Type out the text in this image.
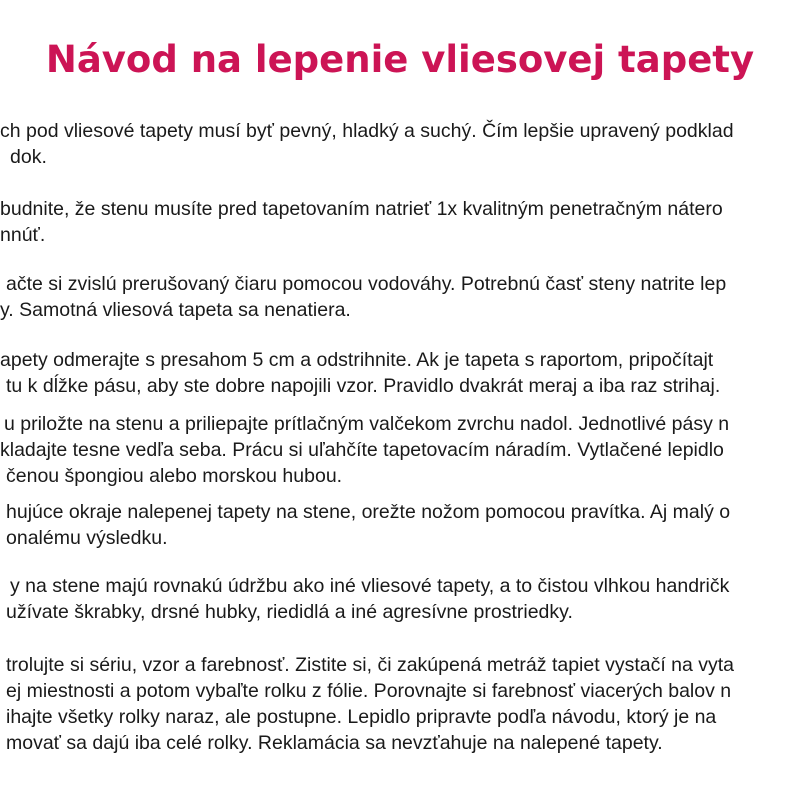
Návod na lepenie vliesovej tapety

ch pod vliesové tapety musí byť pevný, hladký a suchý. Čím lepšie upravený podklad

dok.

budnite, že stenu musíte pred tapetovaním natrieť 1x kvalitným penetračným nátero

nnúť.

ačte si zvislú prerušovaný čiaru pomocou vodováhy. Potrebnú časť steny natrite lep

y. Samotná vliesová tapeta sa nenatiera.

apety odmerajte s presahom 5 cm a odstrihnite. Ak je tapeta s raportom, pripočítajt

tu k dĺžke pásu, aby ste dobre napojili vzor. Pravidlo dvakrát meraj a iba raz strihaj.

u priložte na stenu a priliepajte prítlačným valčekom zvrchu nadol. Jednotlivé pásy n

kladajte tesne vedľa seba. Prácu si uľahčíte tapetovacím náradím. Vytlačené lepidlo

čenou špongiou alebo morskou hubou.

hujúce okraje nalepenej tapety na stene, orežte nožom pomocou pravítka. Aj malý o

onalému výsledku.

y na stene majú rovnakú údržbu ako iné vliesové tapety, a to čistou vlhkou handričk

užívate škrabky, drsné hubky, riedidlá a iné agresívne prostriedky.

trolujte si sériu, vzor a farebnosť. Zistite si, či zakúpená metráž tapiet vystačí na vyta

ej miestnosti a potom vybaľte rolku z fólie. Porovnajte si farebnosť viacerých balov n

ihajte všetky rolky naraz, ale postupne. Lepidlo pripravte podľa návodu, ktorý je na

movať sa dajú iba celé rolky. Reklamácia sa nevzťahuje na nalepené tapety.
